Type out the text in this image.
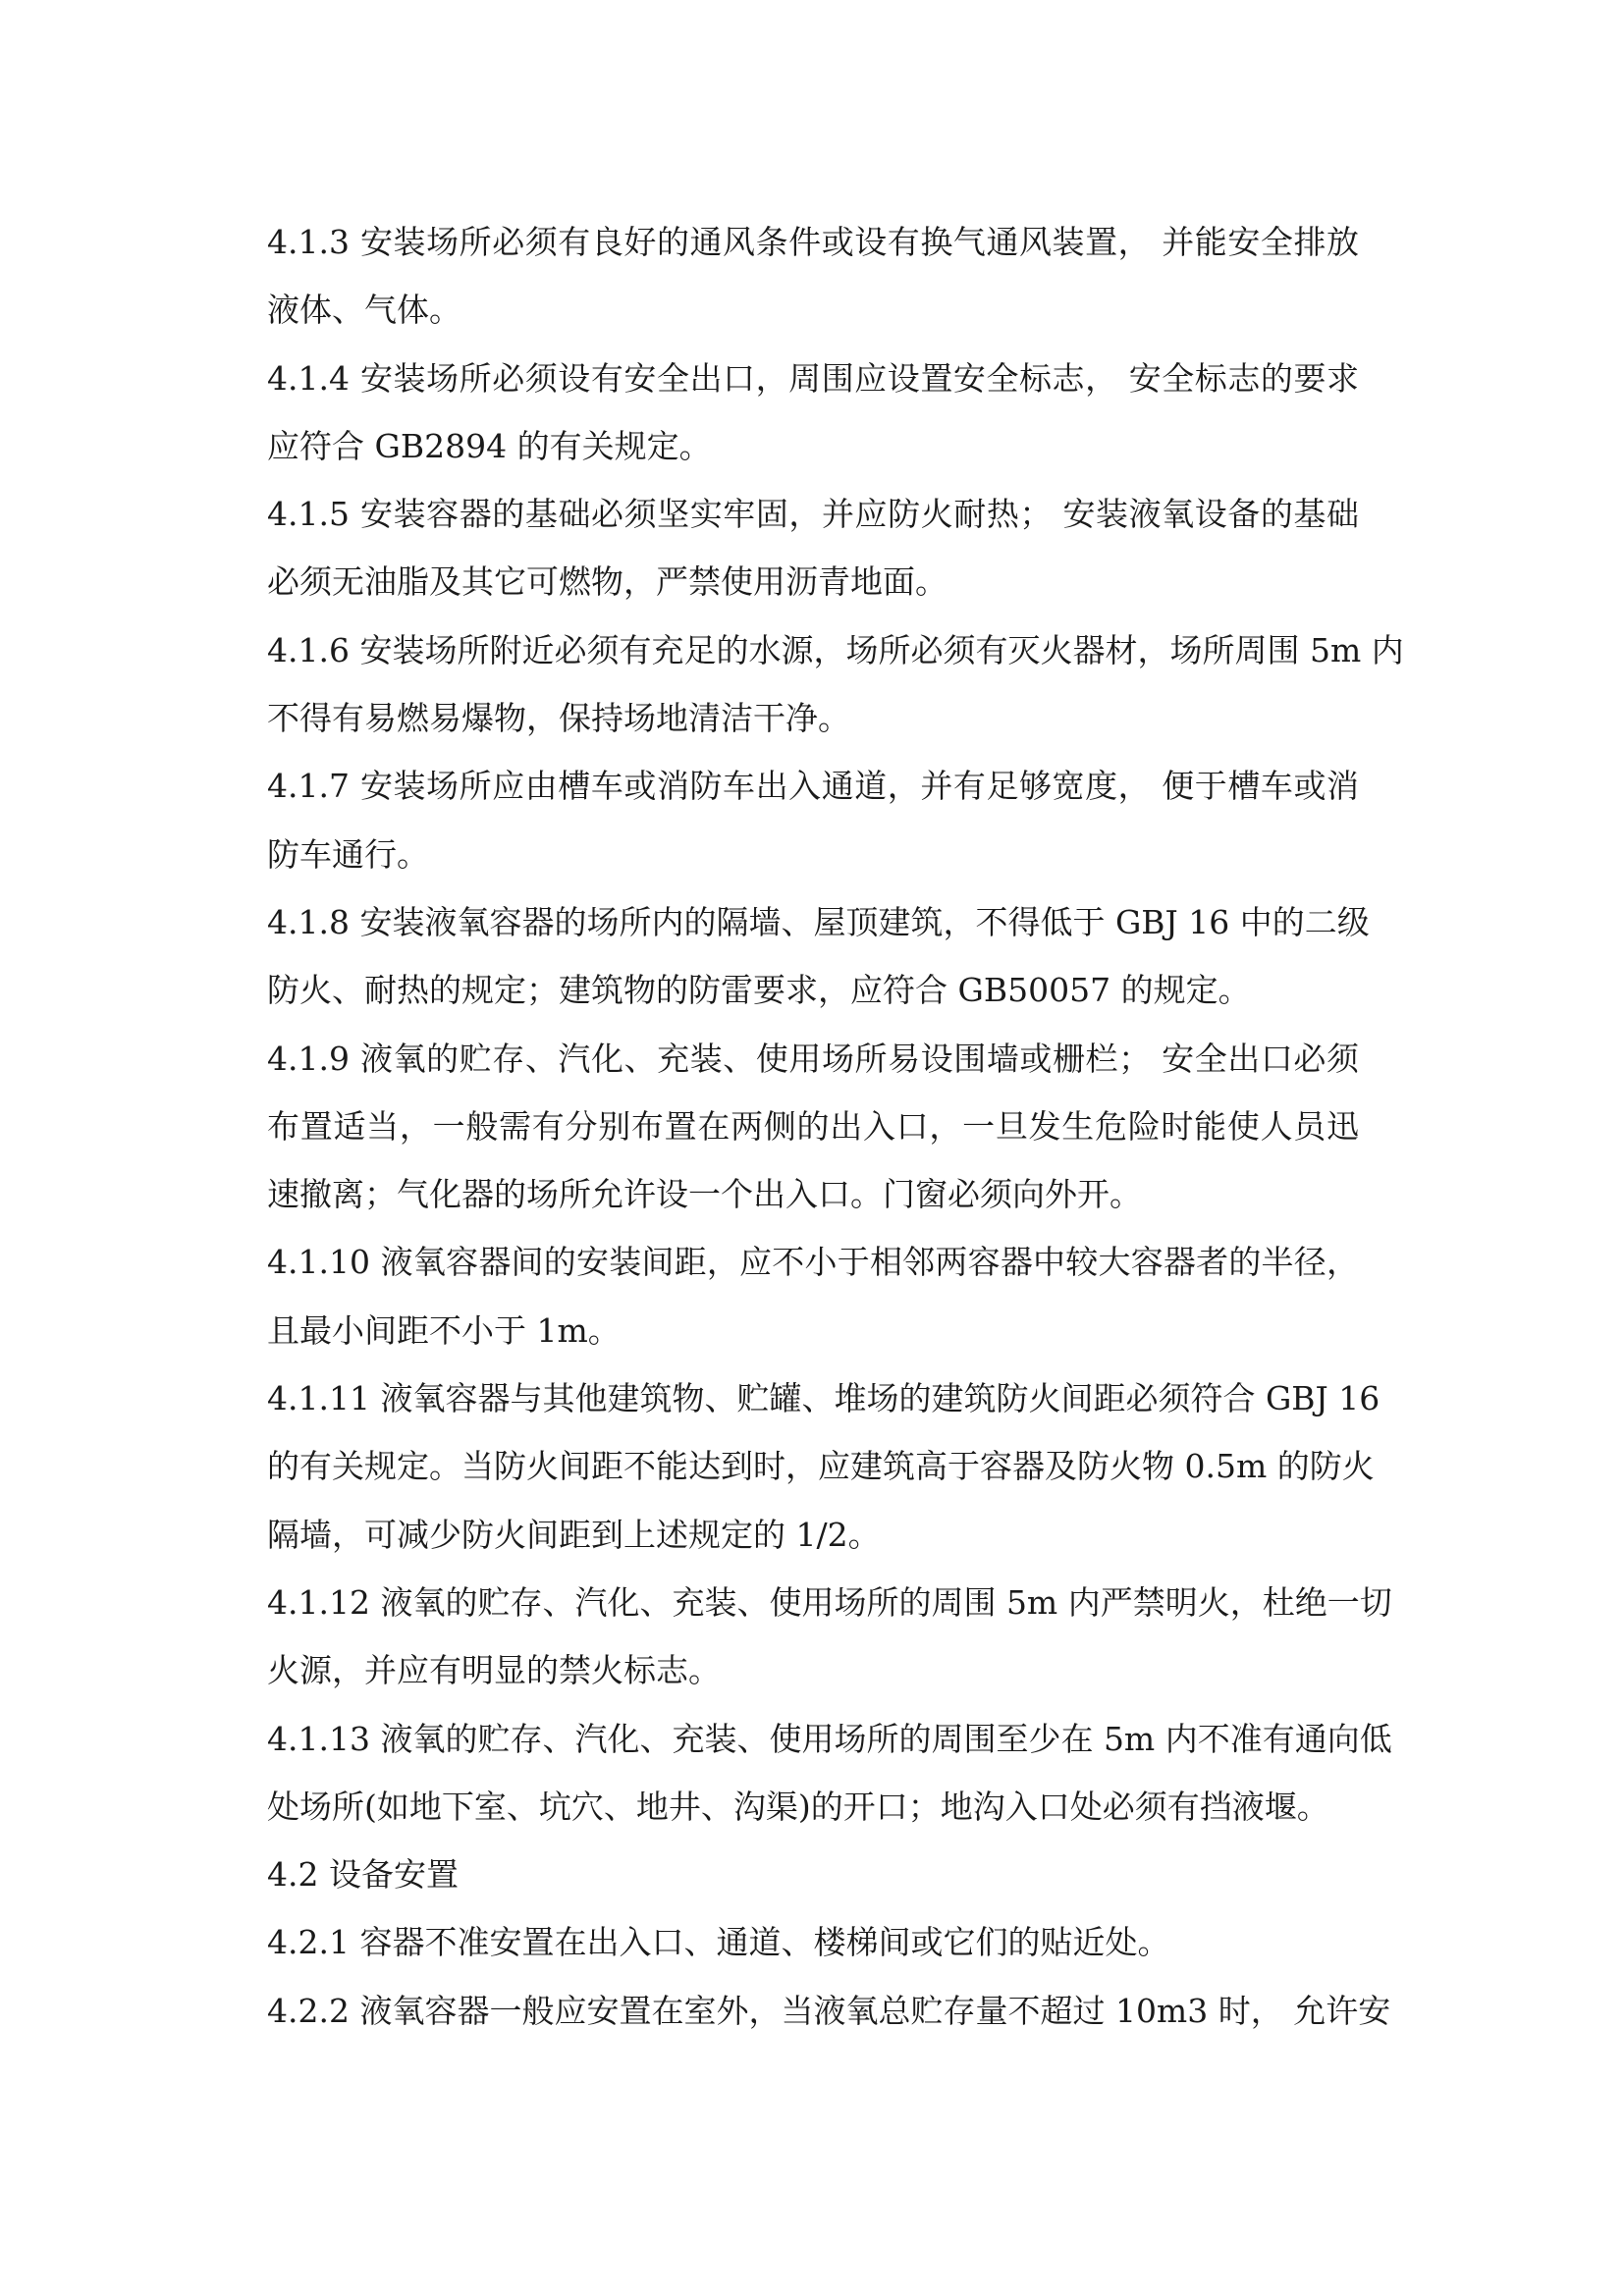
4.1.3 安装场所必须有良好的通风条件或设有换气通风装置， 并能安全排放
液体、气体。
4.1.4 安装场所必须设有安全出口，周围应设置安全标志， 安全标志的要求
应符合 GB2894 的有关规定。
4.1.5 安装容器的基础必须坚实牢固，并应防火耐热； 安装液氧设备的基础
必须无油脂及其它可燃物，严禁使用沥青地面。
4.1.6 安装场所附近必须有充足的水源，场所必须有灭火器材，场所周围 5m 内
不得有易燃易爆物，保持场地清洁干净。
4.1.7 安装场所应由槽车或消防车出入通道，并有足够宽度， 便于槽车或消
防车通行。
4.1.8 安装液氧容器的场所内的隔墙、屋顶建筑，不得低于 GBJ 16 中的二级
防火、耐热的规定；建筑物的防雷要求，应符合 GB50057 的规定。
4.1.9 液氧的贮存、汽化、充装、使用场所易设围墙或栅栏； 安全出口必须
布置适当，一般需有分别布置在两侧的出入口，一旦发生危险时能使人员迅
速撤离；气化器的场所允许设一个出入口。门窗必须向外开。
4.1.10 液氧容器间的安装间距，应不小于相邻两容器中较大容器者的半径，
且最小间距不小于 1m。
4.1.11 液氧容器与其他建筑物、贮罐、堆场的建筑防火间距必须符合 GBJ 16
的有关规定。当防火间距不能达到时，应建筑高于容器及防火物 0.5m 的防火
隔墙，可减少防火间距到上述规定的 1/2。
4.1.12 液氧的贮存、汽化、充装、使用场所的周围 5m 内严禁明火，杜绝一切
火源，并应有明显的禁火标志。
4.1.13 液氧的贮存、汽化、充装、使用场所的周围至少在 5m 内不准有通向低
处场所(如地下室、坑穴、地井、沟渠)的开口；地沟入口处必须有挡液堰。
4.2 设备安置
4.2.1 容器不准安置在出入口、通道、楼梯间或它们的贴近处。
4.2.2 液氧容器一般应安置在室外，当液氧总贮存量不超过 10m3 时， 允许安
